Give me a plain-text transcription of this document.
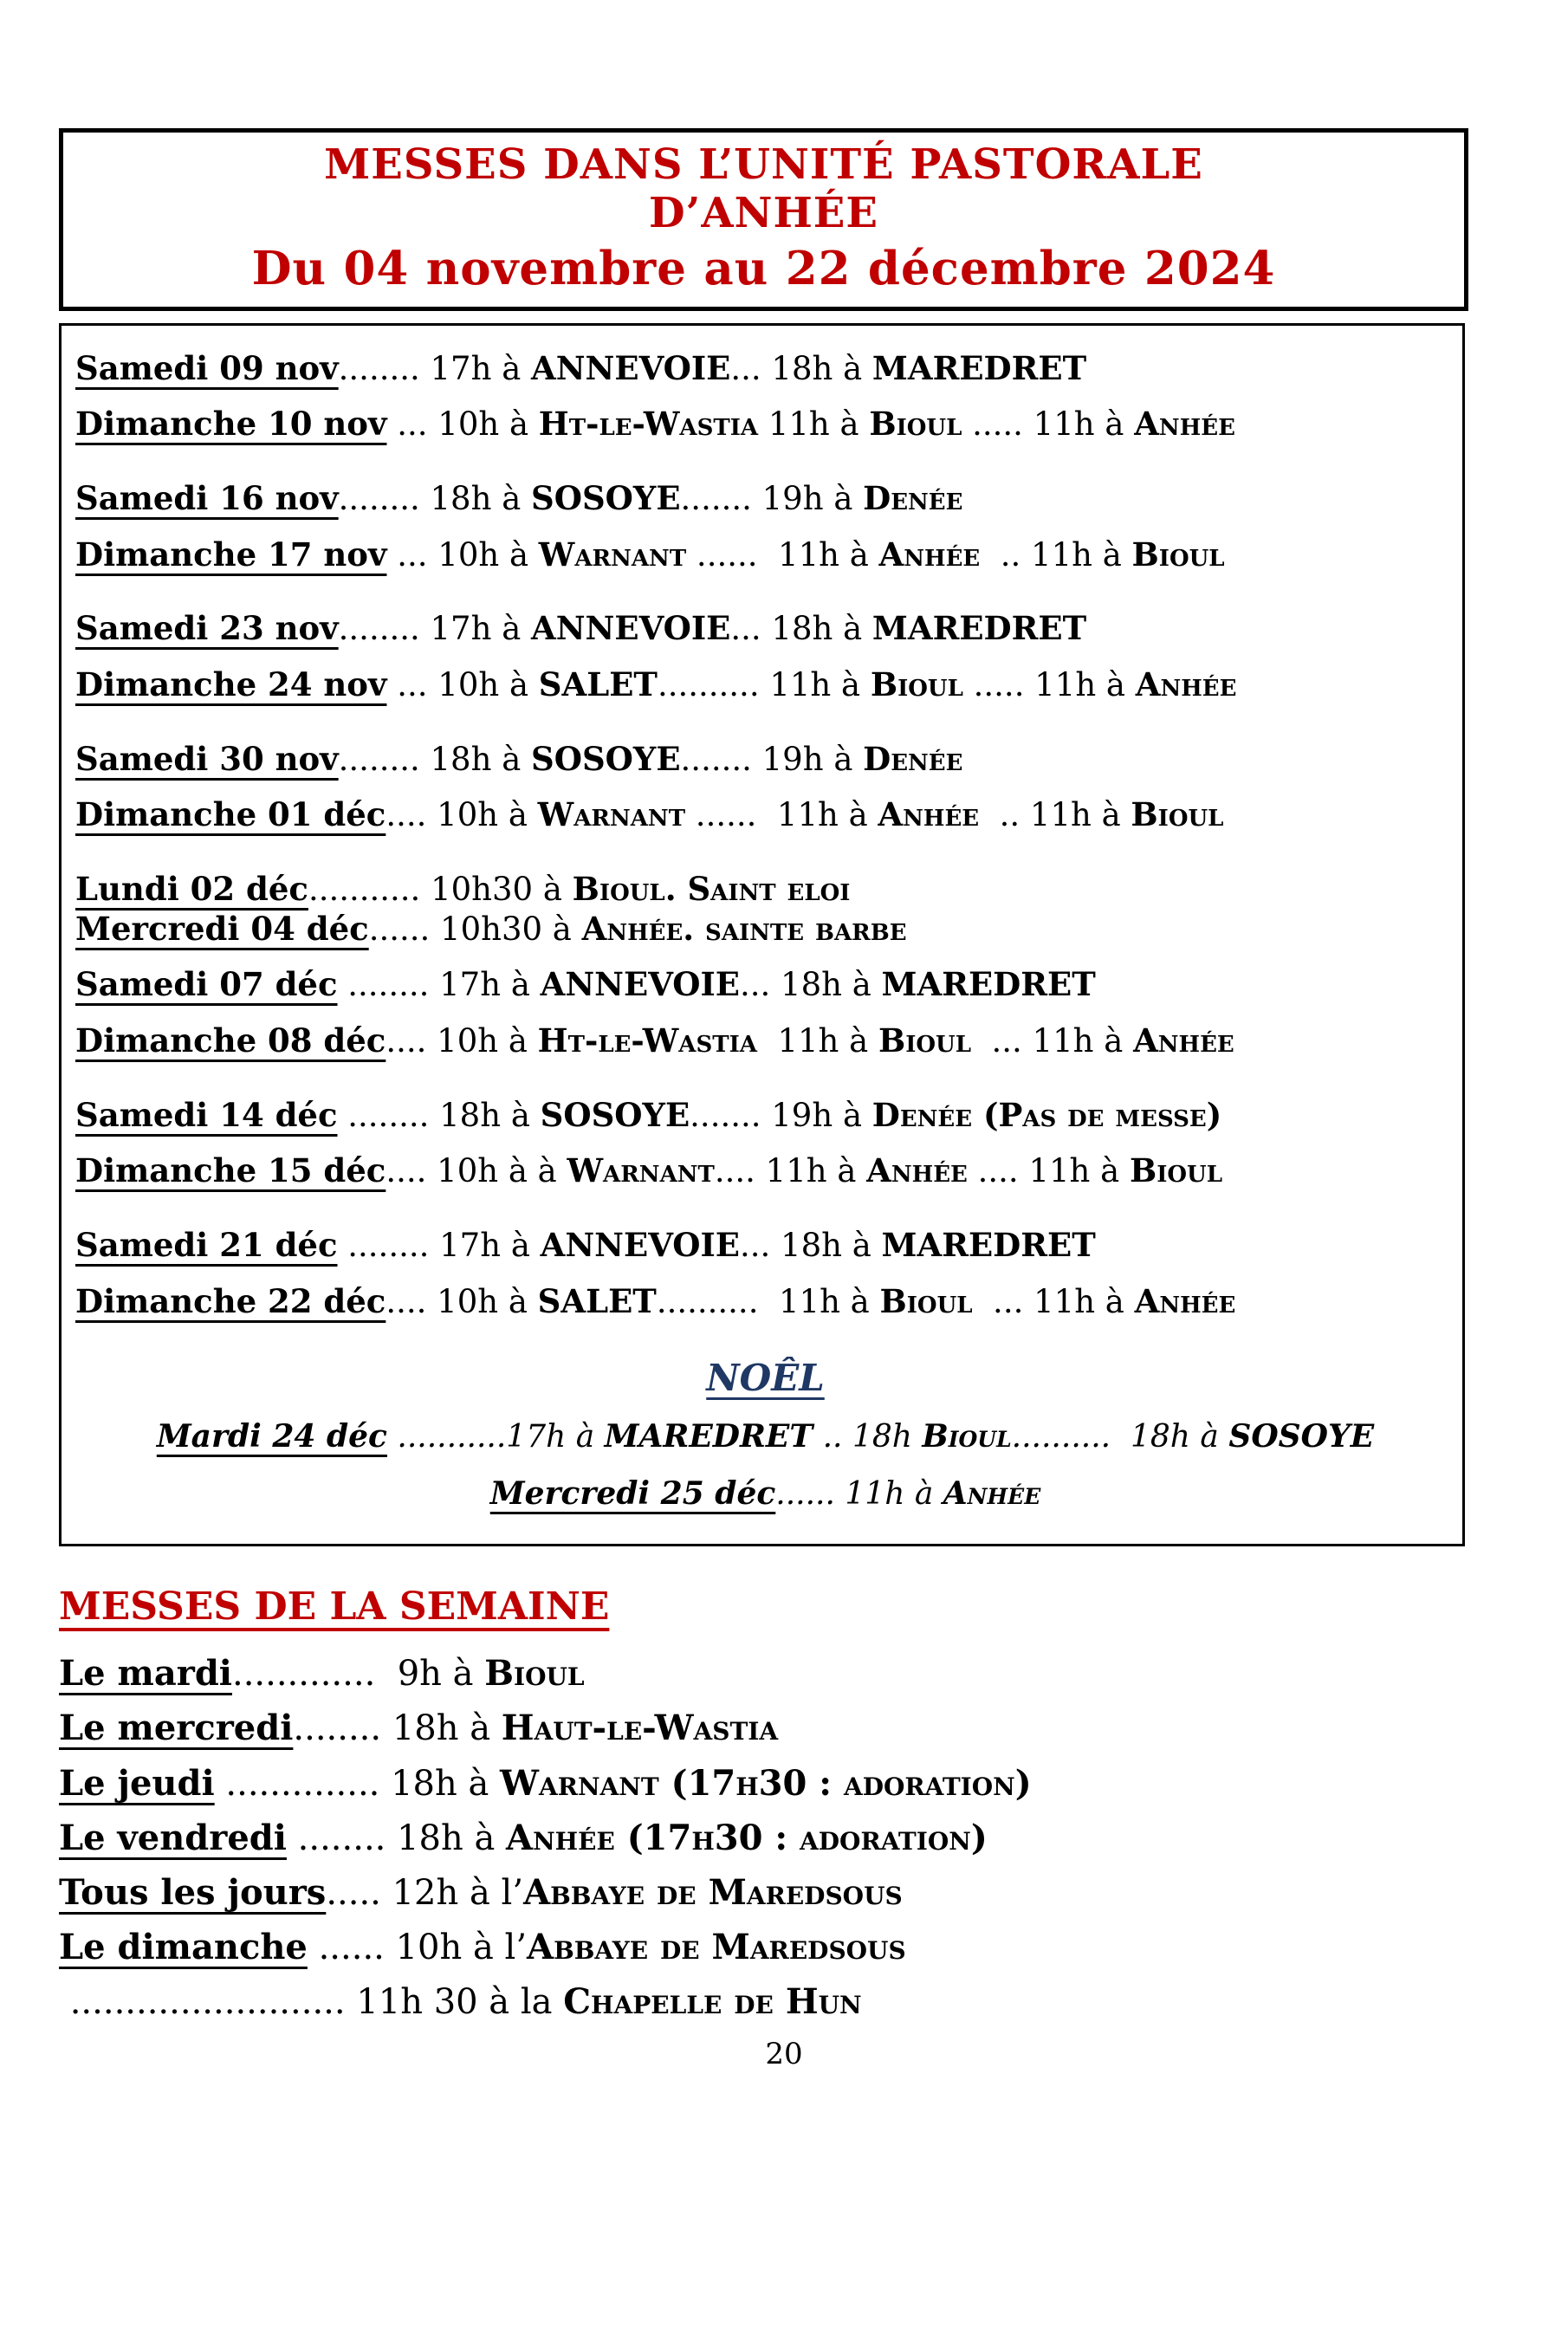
MESSES DANS L’UNITÉ PASTORALE
D’ANHÉE
Du 04 novembre au 22 décembre 2024
Samedi 09 nov........ 17h à ANNEVOIE... 18h à MAREDRET
Dimanche 10 nov ... 10h à Ht-le-Wastia 11h à Bioul ..... 11h à Anhée
Samedi 16 nov........ 18h à SOSOYE....... 19h à Denée
Dimanche 17 nov ... 10h à Warnant ......  11h à Anhée  .. 11h à Bioul
Samedi 23 nov........ 17h à ANNEVOIE... 18h à MAREDRET
Dimanche 24 nov ... 10h à SALET.......... 11h à Bioul ..... 11h à Anhée
Samedi 30 nov........ 18h à SOSOYE....... 19h à Denée
Dimanche 01 déc.... 10h à Warnant ......  11h à Anhée  .. 11h à Bioul
Lundi 02 déc........... 10h30 à Bioul. Saint eloi
Mercredi 04 déc...... 10h30 à Anhée. sainte barbe
Samedi 07 déc ........ 17h à ANNEVOIE... 18h à MAREDRET
Dimanche 08 déc.... 10h à Ht-le-Wastia  11h à Bioul  ... 11h à Anhée
Samedi 14 déc ........ 18h à SOSOYE....... 19h à Denée (Pas de messe)
Dimanche 15 déc.... 10h à à Warnant.... 11h à Anhée .... 11h à Bioul
Samedi 21 déc ........ 17h à ANNEVOIE... 18h à MAREDRET
Dimanche 22 déc.... 10h à SALET..........  11h à Bioul  ... 11h à Anhée
NOÊL
Mardi 24 déc ...........17h à MAREDRET .. 18h Bioul..........  18h à SOSOYE
Mercredi 25 déc...... 11h à Anhée
MESSES DE LA SEMAINE
Le mardi.............  9h à Bioul
Le mercredi........ 18h à Haut-le-Wastia
Le jeudi .............. 18h à Warnant (17h30 : adoration)
Le vendredi ........ 18h à Anhée (17h30 : adoration)
Tous les jours..... 12h à l’Abbaye de Maredsous
Le dimanche ...... 10h à l’Abbaye de Maredsous
......................... 11h 30 à la Chapelle de Hun
20
